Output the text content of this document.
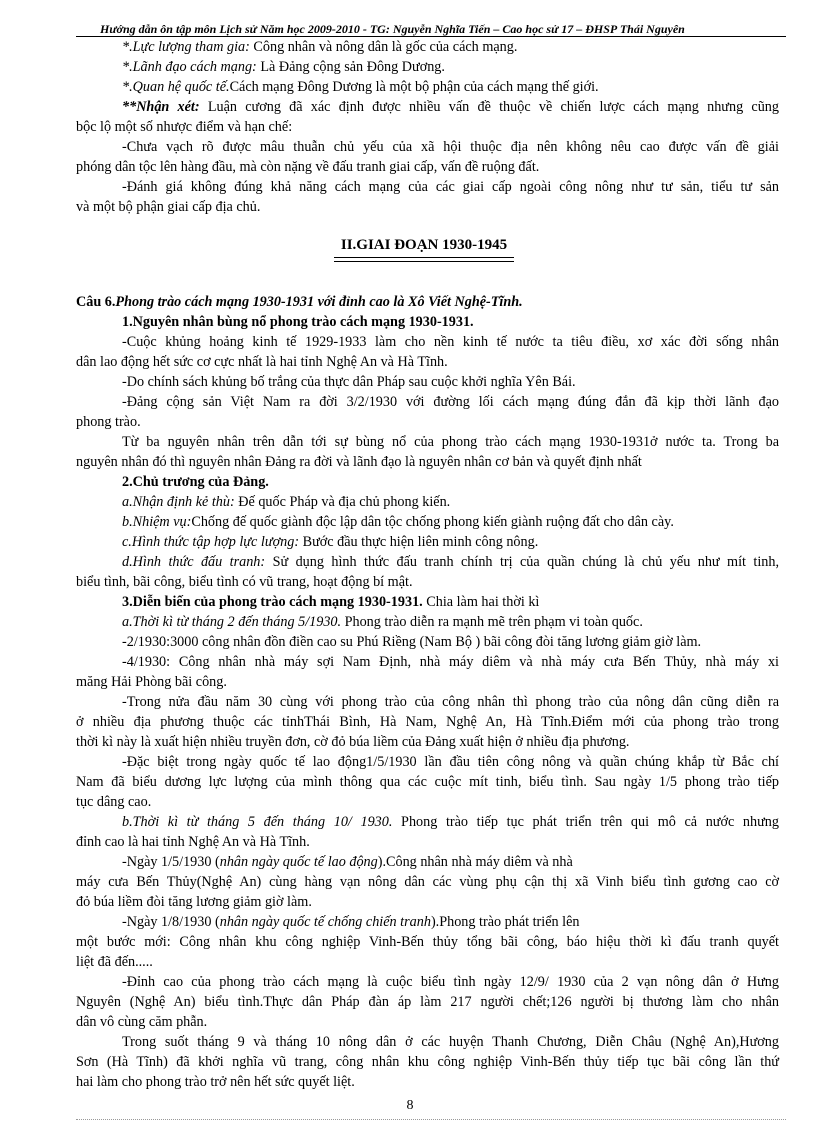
Hướng dẫn ôn tập môn Lịch sử Năm học 2009-2010 - TG: Nguyễn Nghĩa Tiến – Cao học sử 17 – ĐHSP Thái Nguyên
*.Lực lượng tham gia: Công nhân và nông dân là gốc của cách mạng.
*.Lãnh đạo cách mạng: Là Đảng cộng sản Đông Dương.
*.Quan hệ quốc tế.Cách mạng Đông Dương là một bộ phận của cách mạng thế giới.
**Nhận xét: Luận cương đã xác định được nhiều vấn đề thuộc về chiến lược cách mạng nhưng cũng
bộc lộ một số nhược điểm và hạn chế:
-Chưa vạch rõ được mâu thuẫn chủ yếu của xã hội thuộc địa nên không nêu cao được vấn đề giải
phóng dân tộc lên hàng đầu, mà còn nặng về đấu tranh giai cấp, vấn đề ruộng đất.
-Đánh giá không đúng khả năng cách mạng của các giai cấp ngoài công nông như tư sản, tiểu tư sản
và một bộ phận giai cấp địa chủ.
II.GIAI ĐOẠN 1930-1945
Câu 6.Phong trào cách mạng 1930-1931 với đỉnh cao là Xô Viết Nghệ-Tĩnh.
1.Nguyên nhân bùng nổ phong trào cách mạng 1930-1931.
-Cuộc khủng hoảng kinh tế 1929-1933 làm cho nền kinh tế nước ta tiêu điều, xơ xác đời sống nhân
dân lao động hết sức cơ cực nhất là hai tỉnh Nghệ An và Hà Tĩnh.
-Do chính sách khủng bố trắng của thực dân Pháp sau cuộc khởi nghĩa Yên Bái.
-Đảng cộng sản Việt Nam ra đời 3/2/1930 với đường lối cách mạng đúng đắn đã kịp thời lãnh đạo
phong trào.
Từ ba nguyên nhân trên dẫn tới sự bùng nổ của phong trào cách mạng 1930-1931ở nước ta. Trong ba
nguyên nhân đó thì nguyên nhân Đảng ra đời và lãnh đạo là nguyên nhân cơ bản và quyết định nhất
2.Chủ trương của Đảng.
a.Nhận định kẻ thù: Đế quốc Pháp và địa chủ phong kiến.
b.Nhiệm vụ:Chống đế quốc giành độc lập dân tộc chống phong kiến giành ruộng đất cho dân cày.
c.Hình thức tập hợp lực lượng: Bước đầu thực hiện liên minh công nông.
d.Hình thức đấu tranh: Sử dụng hình thức đấu tranh chính trị của quần chúng là chủ yếu như mít tinh,
biểu tình, bãi công, biểu tình có vũ trang, hoạt động bí mật.
3.Diễn biến của phong trào cách mạng 1930-1931. Chia làm hai thời kì
a.Thời kì từ tháng 2 đến tháng 5/1930. Phong trào diễn ra mạnh mẽ trên phạm vi toàn quốc.
-2/1930:3000 công nhân đồn điền cao su Phú Riềng (Nam Bộ ) bãi công đòi tăng lương giảm giờ làm.
-4/1930: Công nhân nhà máy sợi Nam Định, nhà máy diêm và nhà máy cưa Bến Thủy, nhà máy xi
măng Hải Phòng bãi công.
-Trong nửa đầu năm 30 cùng với phong trào của công nhân thì phong trào của nông dân cũng diễn ra
ở nhiều địa phương thuộc các tỉnhThái Bình, Hà Nam, Nghệ An, Hà Tĩnh.Điểm mới của phong trào trong
thời kì này là xuất hiện nhiều truyền đơn, cờ đỏ búa liềm của Đảng xuất hiện ở nhiều địa phương.
-Đặc biệt trong ngày quốc tế lao động1/5/1930 lần đầu tiên công nông và quần chúng khắp từ Bắc chí
Nam đã biểu dương lực lượng của mình thông qua các cuộc mít tinh, biểu tình. Sau ngày 1/5 phong trào tiếp
tục dâng cao.
b.Thời kì từ tháng 5 đến tháng 10/ 1930. Phong trào tiếp tục phát triển trên qui mô cả nước nhưng
đỉnh cao là hai tỉnh Nghệ An và Hà Tĩnh.
-Ngày 1/5/1930 (nhân ngày quốc tế lao động).Công nhân nhà máy diêm và nhà
máy cưa Bến Thủy(Nghệ An) cùng hàng vạn nông dân các vùng phụ cận thị xã Vinh biểu tình gương cao cờ
đỏ búa liềm đòi tăng lương giảm giờ làm.
-Ngày 1/8/1930 (nhân ngày quốc tế chống chiến tranh).Phong trào phát triển lên
một bước mới: Công nhân khu công nghiệp Vinh-Bến thủy tổng bãi công, báo hiệu thời kì đấu tranh quyết
liệt đã đến.....
-Đỉnh cao của phong trào cách mạng là cuộc biểu tình ngày 12/9/ 1930 của 2 vạn nông dân ở Hưng
Nguyên (Nghệ An) biểu tình.Thực dân Pháp đàn áp làm 217 người chết;126 người bị thương làm cho nhân
dân vô cùng căm phẫn.
Trong suốt tháng 9 và tháng 10 nông dân ở các huyện Thanh Chương, Diễn Châu (Nghệ An),Hương
Sơn (Hà Tĩnh) đã khởi nghĩa vũ trang, công nhân khu công nghiệp Vinh-Bến thủy tiếp tục bãi công lần thứ
hai làm cho phong trào trở nên hết sức quyết liệt.
8
